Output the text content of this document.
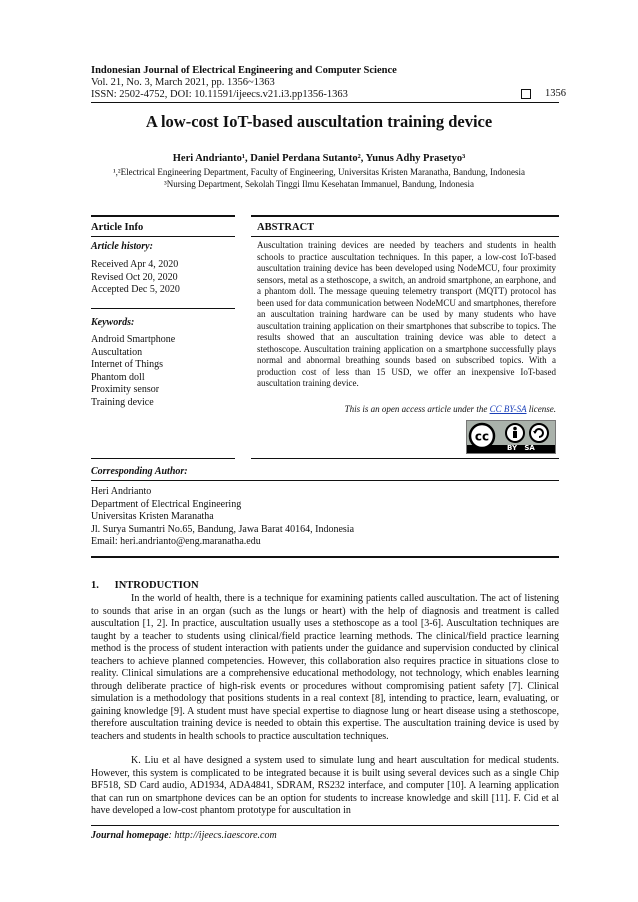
Indonesian Journal of Electrical Engineering and Computer Science
Vol. 21, No. 3, March 2021, pp. 1356~1363
ISSN: 2502-4752, DOI: 10.11591/ijeecs.v21.i3.pp1356-1363	1356
A low-cost IoT-based auscultation training device
Heri Andrianto¹, Daniel Perdana Sutanto², Yunus Adhy Prasetyo³
¹,²Electrical Engineering Department, Faculty of Engineering, Universitas Kristen Maranatha, Bandung, Indonesia
³Nursing Department, Sekolah Tinggi Ilmu Kesehatan Immanuel, Bandung, Indonesia
Article Info
Article history:
Received Apr 4, 2020
Revised Oct 20, 2020
Accepted Dec 5, 2020
Keywords:
Android Smartphone
Auscultation
Internet of Things
Phantom doll
Proximity sensor
Training device
ABSTRACT
Auscultation training devices are needed by teachers and students in health schools to practice auscultation techniques. In this paper, a low-cost IoT-based auscultation training device has been developed using NodeMCU, four proximity sensors, metal as a stethoscope, a switch, an android smartphone, an earphone, and a phantom doll. The message queuing telemetry transport (MQTT) protocol has been used for data communication between NodeMCU and smartphones, therefore an auscultation training hardware can be used by many students who have auscultation training application on their smartphones that subscribe to topics. The results showed that an auscultation training device was able to detect a stethoscope. Auscultation training application on a smartphone successfully plays normal and abnormal breathing sounds based on subscribed topics. With a production cost of less than 15 USD, we offer an inexpensive IoT-based auscultation training device.
This is an open access article under the CC BY-SA license.
cc
BY   SA
Corresponding Author:
Heri Andrianto
Department of Electrical Engineering
Universitas Kristen Maranatha
Jl. Surya Sumantri No.65, Bandung, Jawa Barat 40164, Indonesia
Email: heri.andrianto@eng.maranatha.edu
1.      INTRODUCTION

In the world of health, there is a technique for examining patients called auscultation. The act of listening to sounds that arise in an organ (such as the lungs or heart) with the help of diagnosis and treatment is called auscultation [1, 2]. In practice, auscultation usually uses a stethoscope as a tool [3-6]. Auscultation techniques are taught by a teacher to students using clinical/field practice learning methods. The clinical/field practice learning method is the process of student interaction with patients under the guidance and supervision conducted by clinical teachers to achieve planned competencies. However, this collaboration also requires practice in situations close to reality. Clinical simulations are a comprehensive educational methodology, not technology, which enables learning through deliberate practice of high-risk events or procedures without compromising patient safety [7]. Clinical simulation is a methodology that positions students in a real context [8], intending to practice, learn, evaluating, or gaining knowledge [9]. A student must have special expertise to diagnose lung or heart disease using a stethoscope, therefore auscultation training device is needed to obtain this expertise. The auscultation training device is used by teachers and students in health schools to practice auscultation techniques.

K. Liu et al have designed a system used to simulate lung and heart auscultation for medical students. However, this system is complicated to be integrated because it is built using several devices such as a single Chip BF518, SD Card audio, AD1934, ADA4841, SDRAM, RS232 interface, and computer [10]. A learning application that can run on smartphone devices can be an option for students to increase knowledge and skill [11]. F. Cid et al have developed a low-cost phantom prototype for auscultation in

Journal homepage: http://ijeecs.iaescore.com
